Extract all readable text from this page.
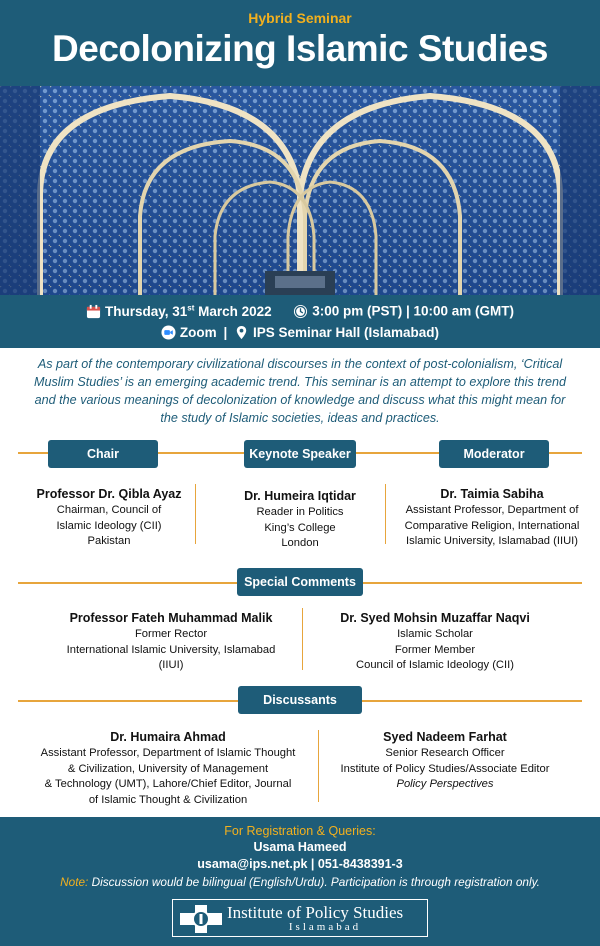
Hybrid Seminar
Decolonizing Islamic Studies
Thursday, 31st March 2022	3:00 pm (PST) | 10:00 am (GMT)
Zoom | IPS Seminar Hall (Islamabad)
As part of the contemporary civilizational discourses in the context of post-colonialism, ‘Critical Muslim Studies’ is an emerging academic trend. This seminar is an attempt to explore this trend and the various meanings of decolonization of knowledge and discuss what this might mean for the study of Islamic societies, ideas and practices.
Chair	Keynote Speaker	Moderator
Professor Dr. Qibla Ayaz
Chairman, Council of
Islamic Ideology (CII)
Pakistan
Dr. Humeira Iqtidar
Reader in Politics
King’s College
London
Dr. Taimia Sabiha
Assistant Professor, Department of
Comparative Religion, International
Islamic University, Islamabad (IIUI)
Special Comments
Professor Fateh Muhammad Malik
Former Rector
International Islamic University, Islamabad
(IIUI)
Dr. Syed Mohsin Muzaffar Naqvi
Islamic Scholar
Former Member
Council of Islamic Ideology (CII)
Discussants
Dr. Humaira Ahmad
Assistant Professor, Department of Islamic Thought
& Civilization, University of Management
& Technology (UMT), Lahore/Chief Editor, Journal
of Islamic Thought & Civilization
Syed Nadeem Farhat
Senior Research Officer
Institute of Policy Studies/Associate Editor
Policy Perspectives
For Registration & Queries:
Usama Hameed
usama@ips.net.pk | 051-8438391-3
Note: Discussion would be bilingual (English/Urdu). Participation is through registration only.
Institute of Policy Studies
Islamabad
